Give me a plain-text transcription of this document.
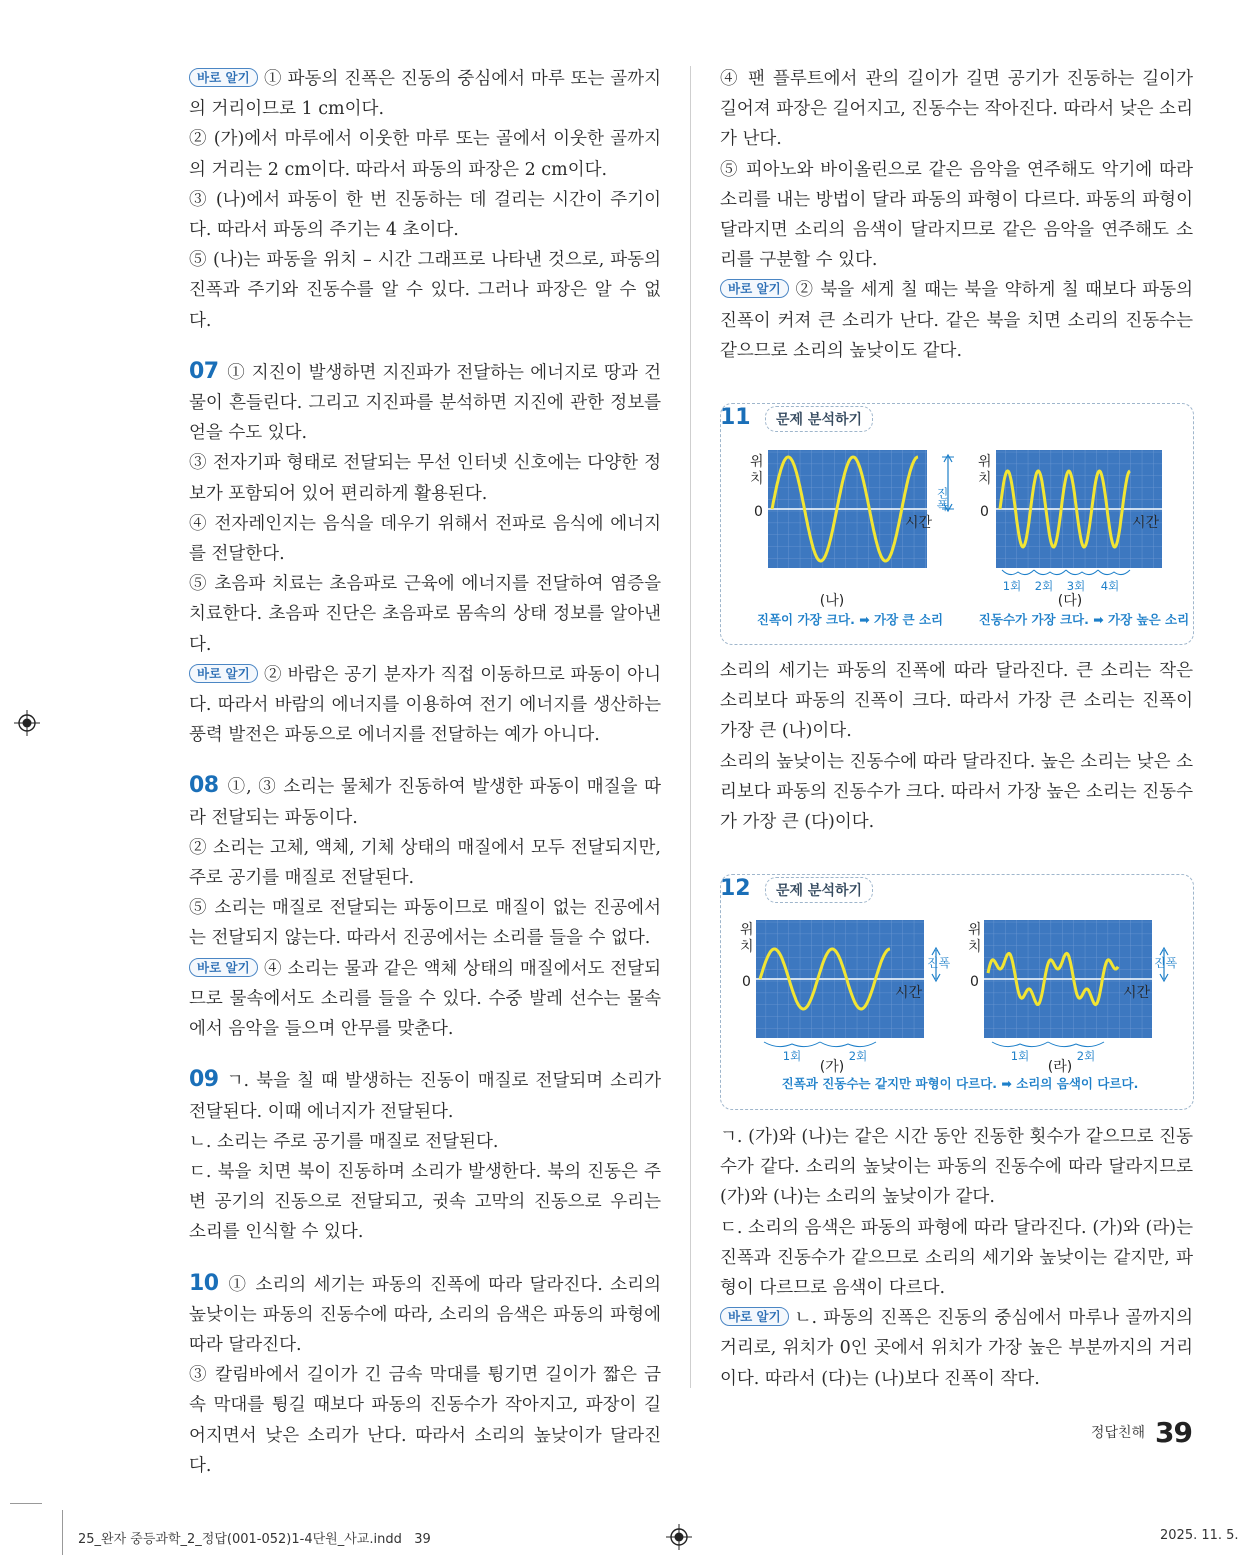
바로 알기 ① 파동의 진폭은 진동의 중심에서 마루 또는 골까지의 거리이므로 1 cm이다.

② (가)에서 마루에서 이웃한 마루 또는 골에서 이웃한 골까지의 거리는 2 cm이다. 따라서 파동의 파장은 2 cm이다.

③ (나)에서 파동이 한 번 진동하는 데 걸리는 시간이 주기이다. 따라서 파동의 주기는 4 초이다.

⑤ (나)는 파동을 위치 – 시간 그래프로 나타낸 것으로, 파동의 진폭과 주기와 진동수를 알 수 있다. 그러나 파장은 알 수 없다.

07 ① 지진이 발생하면 지진파가 전달하는 에너지로 땅과 건물이 흔들린다. 그리고 지진파를 분석하면 지진에 관한 정보를 얻을 수도 있다.

③ 전자기파 형태로 전달되는 무선 인터넷 신호에는 다양한 정보가 포함되어 있어 편리하게 활용된다.

④ 전자레인지는 음식을 데우기 위해서 전파로 음식에 에너지를 전달한다.

⑤ 초음파 치료는 초음파로 근육에 에너지를 전달하여 염증을 치료한다. 초음파 진단은 초음파로 몸속의 상태 정보를 알아낸다.

바로 알기 ② 바람은 공기 분자가 직접 이동하므로 파동이 아니다. 따라서 바람의 에너지를 이용하여 전기 에너지를 생산하는 풍력 발전은 파동으로 에너지를 전달하는 예가 아니다.

08 ①, ③ 소리는 물체가 진동하여 발생한 파동이 매질을 따라 전달되는 파동이다.

② 소리는 고체, 액체, 기체 상태의 매질에서 모두 전달되지만, 주로 공기를 매질로 전달된다.

⑤ 소리는 매질로 전달되는 파동이므로 매질이 없는 진공에서는 전달되지 않는다. 따라서 진공에서는 소리를 들을 수 없다.

바로 알기 ④ 소리는 물과 같은 액체 상태의 매질에서도 전달되므로 물속에서도 소리를 들을 수 있다. 수중 발레 선수는 물속에서 음악을 들으며 안무를 맞춘다.

09 ㄱ. 북을 칠 때 발생하는 진동이 매질로 전달되며 소리가 전달된다. 이때 에너지가 전달된다.

ㄴ. 소리는 주로 공기를 매질로 전달된다.

ㄷ. 북을 치면 북이 진동하며 소리가 발생한다. 북의 진동은 주변 공기의 진동으로 전달되고, 귓속 고막의 진동으로 우리는 소리를 인식할 수 있다.

10 ① 소리의 세기는 파동의 진폭에 따라 달라진다. 소리의 높낮이는 파동의 진동수에 따라, 소리의 음색은 파동의 파형에 따라 달라진다.

③ 칼림바에서 길이가 긴 금속 막대를 튕기면 길이가 짧은 금속 막대를 튕길 때보다 파동의 진동수가 작아지고, 파장이 길어지면서 낮은 소리가 난다. 따라서 소리의 높낮이가 달라진다.

④ 팬 플루트에서 관의 길이가 길면 공기가 진동하는 길이가 길어져 파장은 길어지고, 진동수는 작아진다. 따라서 낮은 소리가 난다.

⑤ 피아노와 바이올린으로 같은 음악을 연주해도 악기에 따라 소리를 내는 방법이 달라 파동의 파형이 다르다. 파동의 파형이 달라지면 소리의 음색이 달라지므로 같은 음악을 연주해도 소리를 구분할 수 있다.

바로 알기 ② 북을 세게 칠 때는 북을 약하게 칠 때보다 파동의 진폭이 커져 큰 소리가 난다. 같은 북을 치면 소리의 진동수는 같으므로 소리의 높낮이도 같다.

11	문제 분석하기
위 치
0
시간
진폭
(나)
진폭이 가장 크다. ➡ 가장 큰 소리
위 치
0
시간
1회 2회 3회 4회
(다)
진동수가 가장 크다. ➡ 가장 높은 소리

소리의 세기는 파동의 진폭에 따라 달라진다. 큰 소리는 작은 소리보다 파동의 진폭이 크다. 따라서 가장 큰 소리는 진폭이 가장 큰 (나)이다.

소리의 높낮이는 진동수에 따라 달라진다. 높은 소리는 낮은 소리보다 파동의 진동수가 크다. 따라서 가장 높은 소리는 진동수가 가장 큰 (다)이다.

12	문제 분석하기
위 치
0
시간
진폭
1회	2회
(가)
위 치
0
시간
진폭
1회	2회
(라)
진폭과 진동수는 같지만 파형이 다르다. ➡ 소리의 음색이 다르다.

ㄱ. (가)와 (나)는 같은 시간 동안 진동한 횟수가 같으므로 진동수가 같다. 소리의 높낮이는 파동의 진동수에 따라 달라지므로 (가)와 (나)는 소리의 높낮이가 같다.

ㄷ. 소리의 음색은 파동의 파형에 따라 달라진다. (가)와 (라)는 진폭과 진동수가 같으므로 소리의 세기와 높낮이는 같지만, 파형이 다르므로 음색이 다르다.

바로 알기 ㄴ. 파동의 진폭은 진동의 중심에서 마루나 골까지의 거리로, 위치가 0인 곳에서 위치가 가장 높은 부분까지의 거리이다. 따라서 (다)는 (나)보다 진폭이 작다.

정답친해 39
25_완자 중등과학_2_정답(001-052)1-4단원_사교.indd   39	2025. 11. 5.
